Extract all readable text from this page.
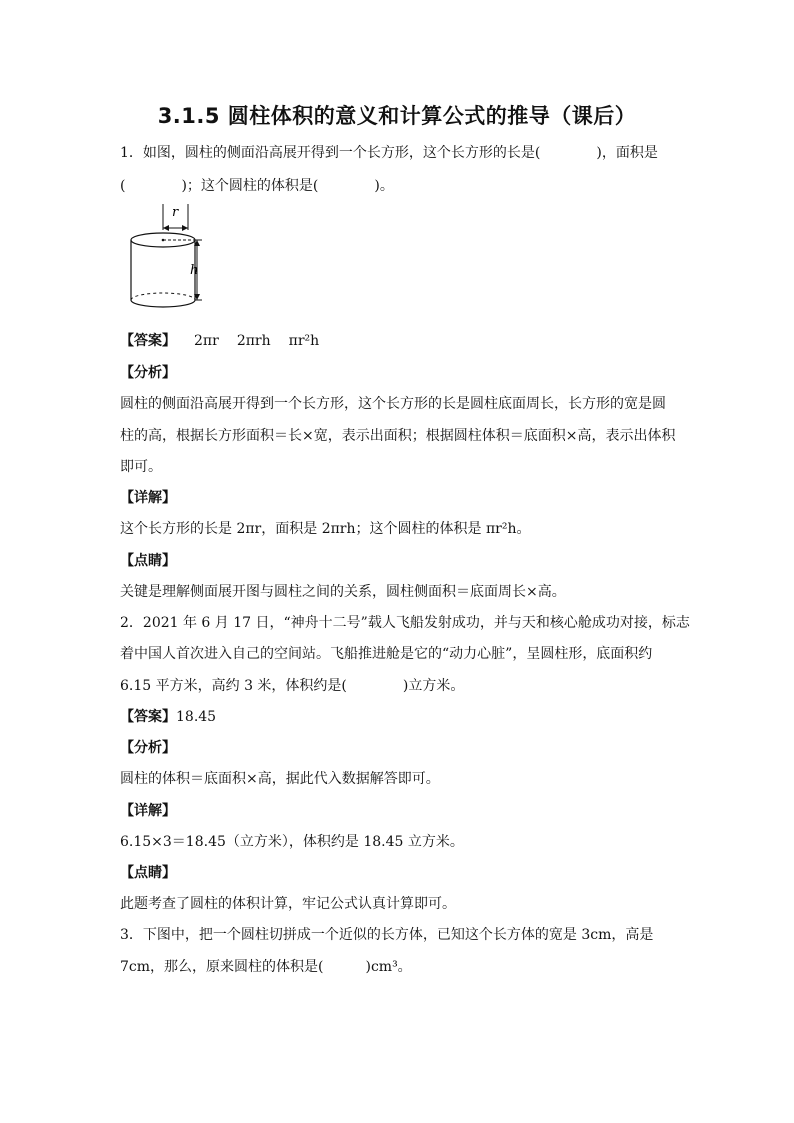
3.1.5 圆柱体积的意义和计算公式的推导（课后）

1．如图，圆柱的侧面沿高展开得到一个长方形，这个长方形的长是(　　　　)，面积是

(　　　　)；这个圆柱的体积是(　　　　)。

r
h

【答案】 2πr 2πrh πr²h

【分析】

圆柱的侧面沿高展开得到一个长方形，这个长方形的长是圆柱底面周长，长方形的宽是圆

柱的高，根据长方形面积＝长×宽，表示出面积；根据圆柱体积＝底面积×高，表示出体积

即可。

【详解】

这个长方形的长是 2πr，面积是 2πrh；这个圆柱的体积是 πr²h。

【点睛】

关键是理解侧面展开图与圆柱之间的关系，圆柱侧面积＝底面周长×高。

2．2021 年 6 月 17 日，“神舟十二号”载人飞船发射成功，并与天和核心舱成功对接，标志

着中国人首次进入自己的空间站。飞船推进舱是它的“动力心脏”，呈圆柱形，底面积约

6.15 平方米，高约 3 米，体积约是(　　　　)立方米。

【答案】18.45

【分析】

圆柱的体积＝底面积×高，据此代入数据解答即可。

【详解】

6.15×3＝18.45（立方米），体积约是 18.45 立方米。

【点睛】

此题考查了圆柱的体积计算，牢记公式认真计算即可。

3．下图中，把一个圆柱切拼成一个近似的长方体，已知这个长方体的宽是 3cm，高是

7cm，那么，原来圆柱的体积是(　　　)cm³。
